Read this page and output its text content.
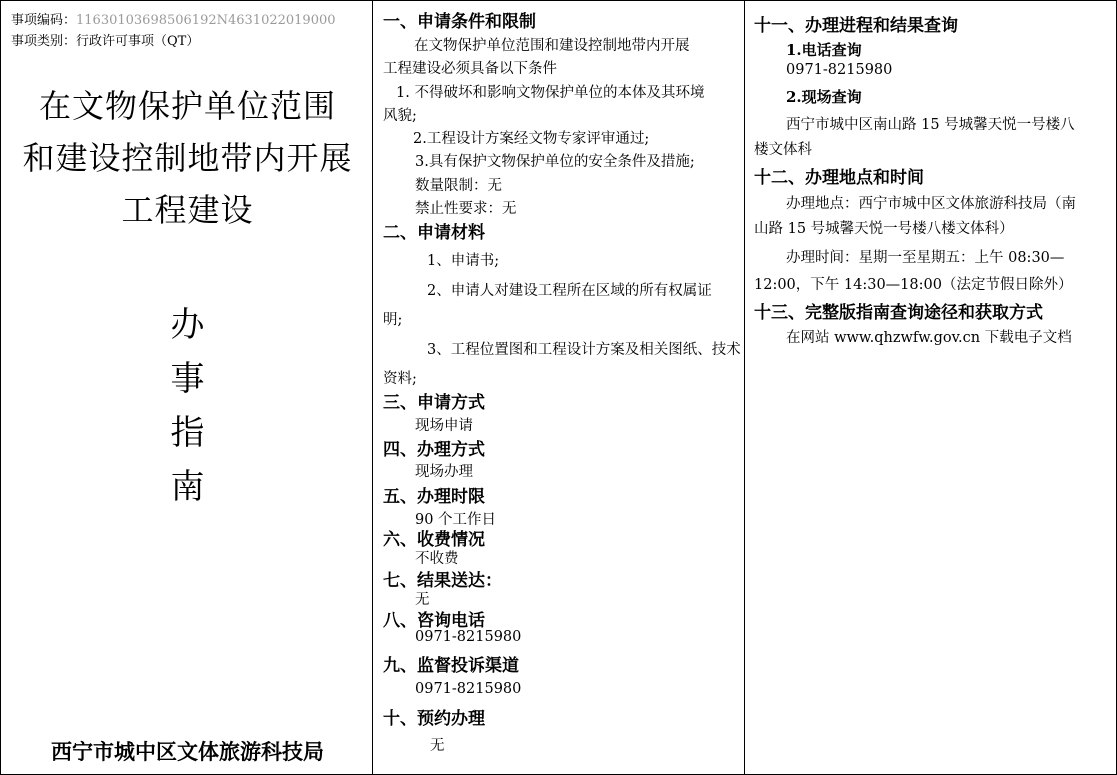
事项编码：11630103698506192N4631022019000
事项类别：行政许可事项（QT）
在文物保护单位范围
和建设控制地带内开展
工程建设
办
事
指
南
西宁市城中区文体旅游科技局
一、申请条件和限制
在文物保护单位范围和建设控制地带内开展
工程建设必须具备以下条件
1. 不得破坏和影响文物保护单位的本体及其环境
风貌;
2.工程设计方案经文物专家评审通过;
3.具有保护文物保护单位的安全条件及措施;
数量限制：无
禁止性要求：无
二、申请材料
1、申请书;
2、申请人对建设工程所在区域的所有权属证
明;
3、工程位置图和工程设计方案及相关图纸、技术
资料;
三、申请方式
现场申请
四、办理方式
现场办理
五、办理时限
90 个工作日
六、收费情况
不收费
七、结果送达：
无
八、咨询电话
0971-8215980
九、监督投诉渠道
0971-8215980
十、预约办理
无
十一、办理进程和结果查询
1.电话查询
0971-8215980
2.现场查询
西宁市城中区南山路 15 号城馨天悦一号楼八
楼文体科
十二、办理地点和时间
办理地点：西宁市城中区文体旅游科技局（南
山路 15 号城馨天悦一号楼八楼文体科）
办理时间：星期一至星期五：上午 08:30—
12:00，下午 14:30—18:00（法定节假日除外）
十三、完整版指南查询途径和获取方式
在网站 www.qhzwfw.gov.cn 下载电子文档
